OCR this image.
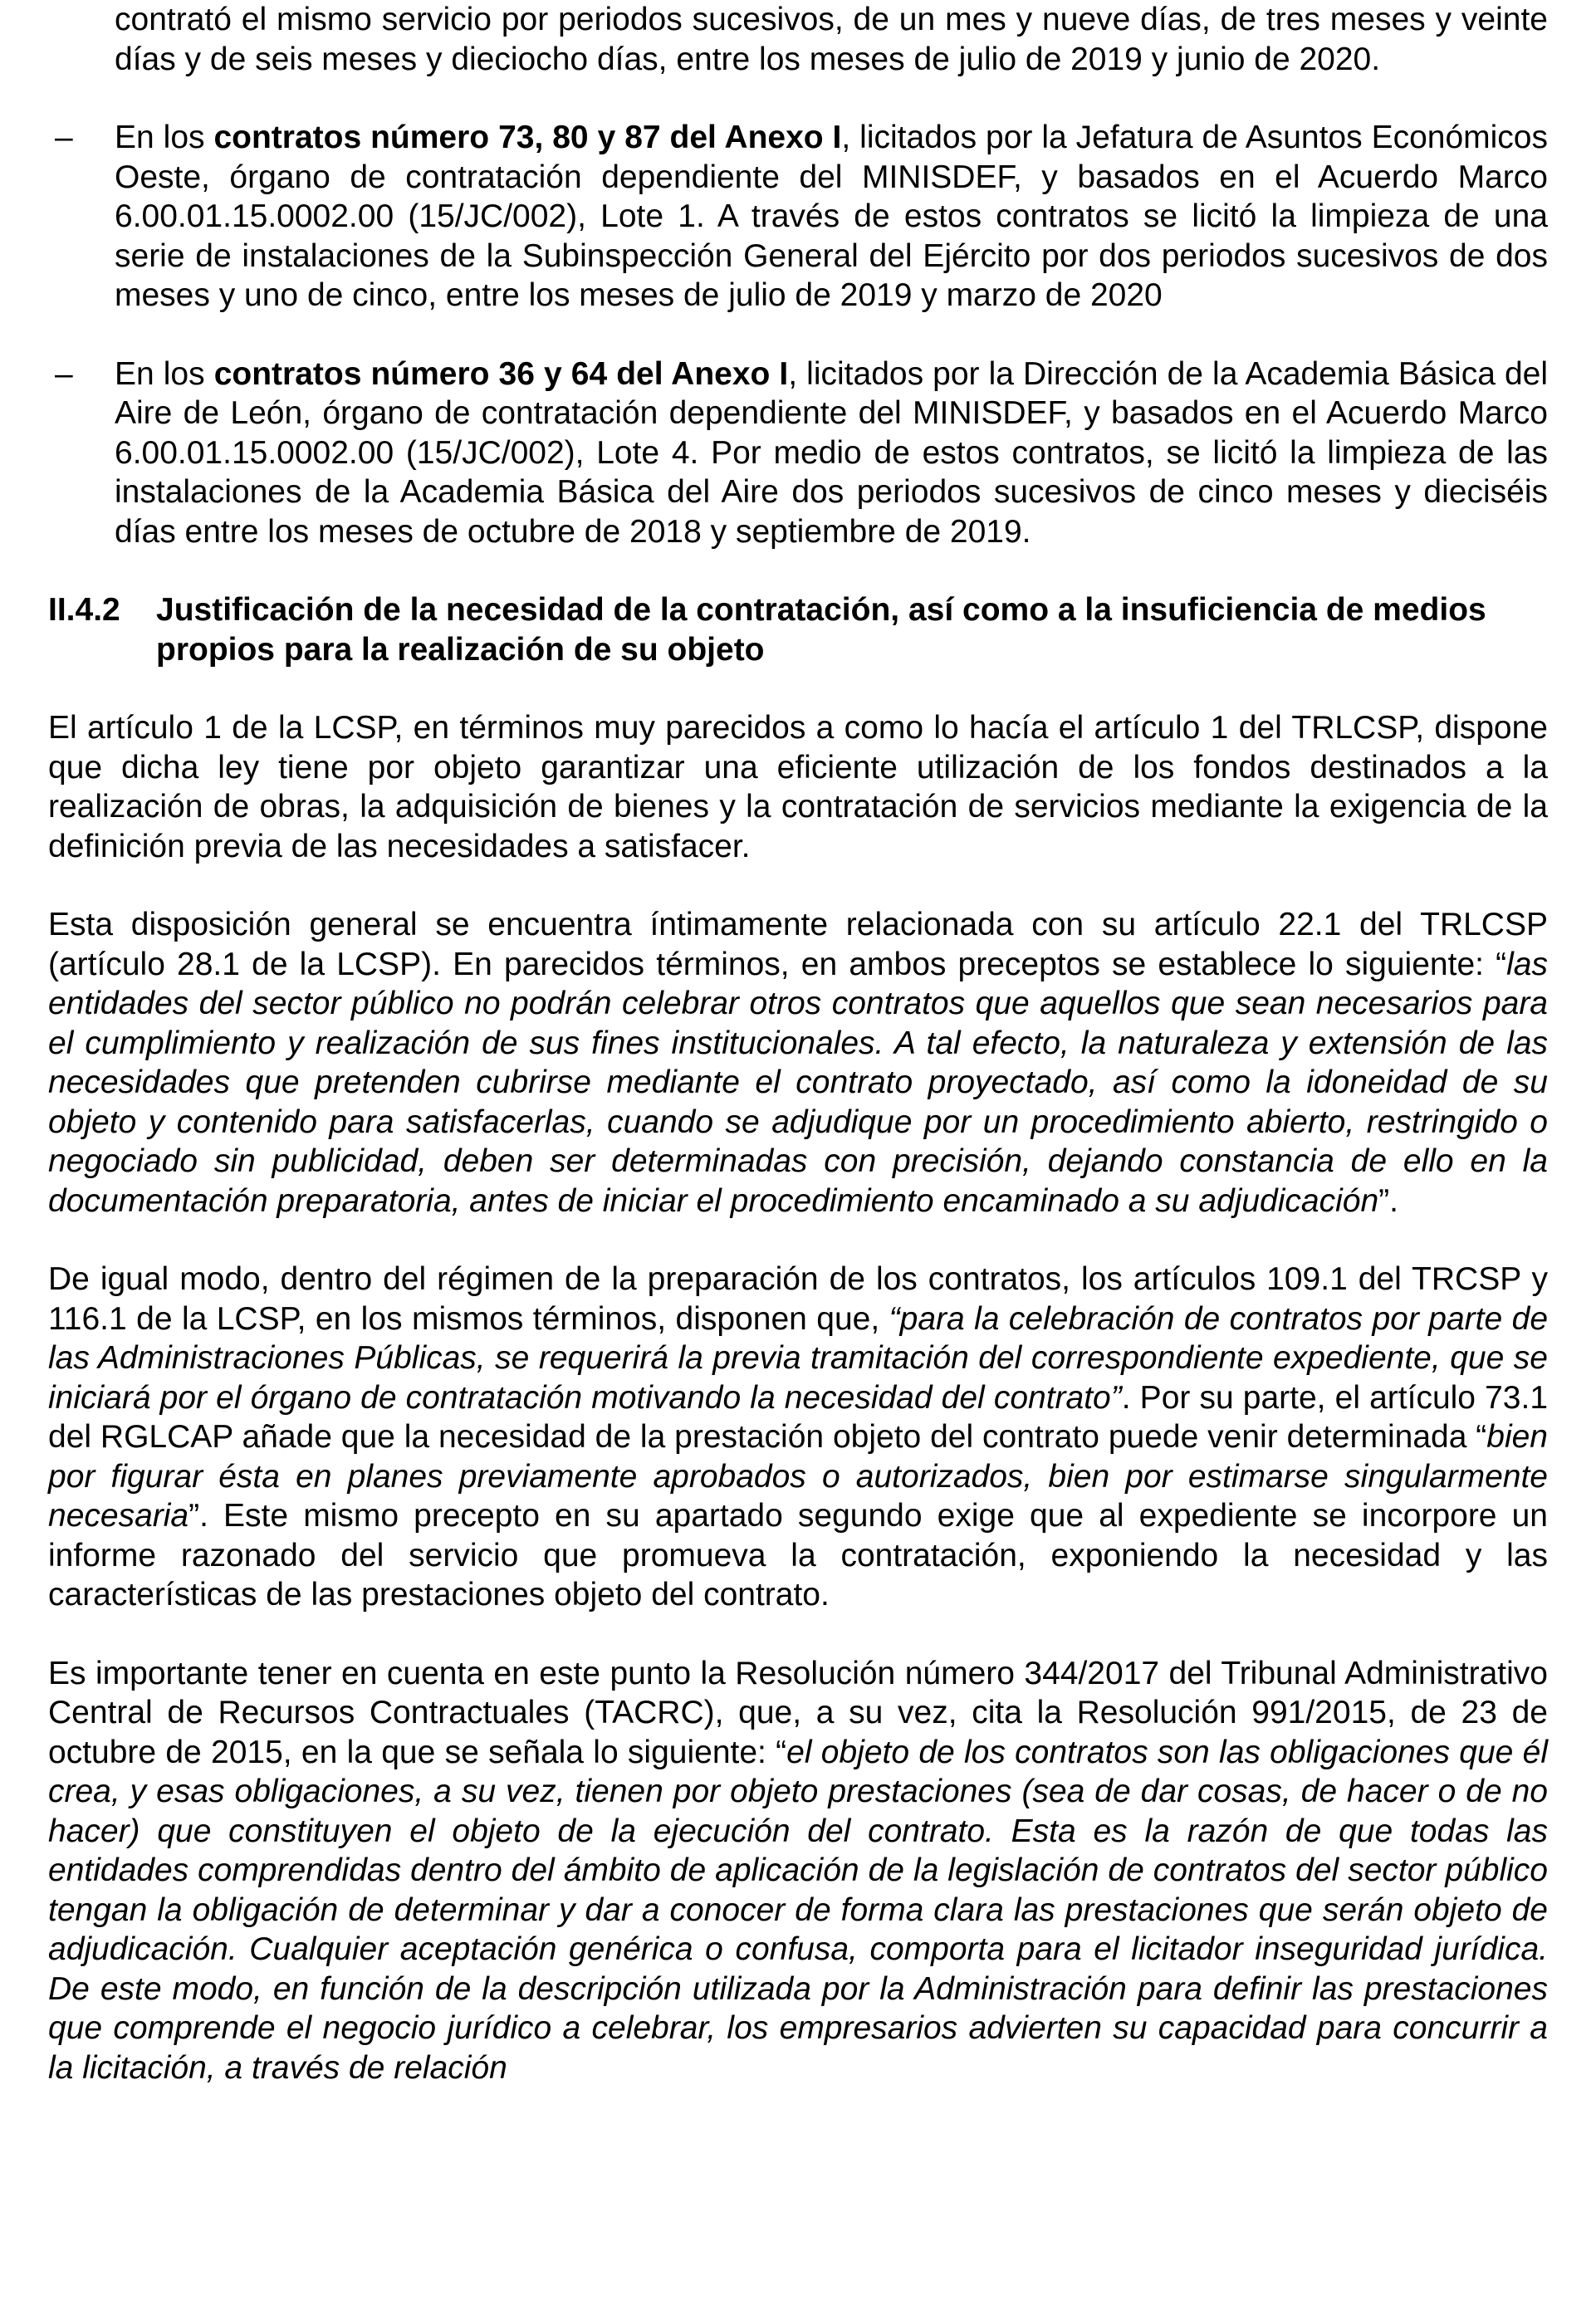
contrató el mismo servicio por periodos sucesivos, de un mes y nueve días, de tres meses y veinte días y de seis meses y dieciocho días, entre los meses de julio de 2019 y junio de 2020.

– En los contratos número 73, 80 y 87 del Anexo I, licitados por la Jefatura de Asuntos Económicos Oeste, órgano de contratación dependiente del MINISDEF, y basados en el Acuerdo Marco 6.00.01.15.0002.00 (15/JC/002), Lote 1. A través de estos contratos se licitó la limpieza de una serie de instalaciones de la Subinspección General del Ejército por dos periodos sucesivos de dos meses y uno de cinco, entre los meses de julio de 2019 y marzo de 2020

– En los contratos número 36 y 64 del Anexo I, licitados por la Dirección de la Academia Básica del Aire de León, órgano de contratación dependiente del MINISDEF, y basados en el Acuerdo Marco 6.00.01.15.0002.00 (15/JC/002), Lote 4. Por medio de estos contratos, se licitó la limpieza de las instalaciones de la Academia Básica del Aire dos periodos sucesivos de cinco meses y dieciséis días entre los meses de octubre de 2018 y septiembre de 2019.

II.4.2 Justificación de la necesidad de la contratación, así como a la insuficiencia de medios propios para la realización de su objeto

El artículo 1 de la LCSP, en términos muy parecidos a como lo hacía el artículo 1 del TRLCSP, dispone que dicha ley tiene por objeto garantizar una eficiente utilización de los fondos destinados a la realización de obras, la adquisición de bienes y la contratación de servicios mediante la exigencia de la definición previa de las necesidades a satisfacer.

Esta disposición general se encuentra íntimamente relacionada con su artículo 22.1 del TRLCSP (artículo 28.1 de la LCSP). En parecidos términos, en ambos preceptos se establece lo siguiente: “las entidades del sector público no podrán celebrar otros contratos que aquellos que sean necesarios para el cumplimiento y realización de sus fines institucionales. A tal efecto, la naturaleza y extensión de las necesidades que pretenden cubrirse mediante el contrato proyectado, así como la idoneidad de su objeto y contenido para satisfacerlas, cuando se adjudique por un procedimiento abierto, restringido o negociado sin publicidad, deben ser determinadas con precisión, dejando constancia de ello en la documentación preparatoria, antes de iniciar el procedimiento encaminado a su adjudicación”.

De igual modo, dentro del régimen de la preparación de los contratos, los artículos 109.1 del TRCSP y 116.1 de la LCSP, en los mismos términos, disponen que, “para la celebración de contratos por parte de las Administraciones Públicas, se requerirá la previa tramitación del correspondiente expediente, que se iniciará por el órgano de contratación motivando la necesidad del contrato”. Por su parte, el artículo 73.1 del RGLCAP añade que la necesidad de la prestación objeto del contrato puede venir determinada “bien por figurar ésta en planes previamente aprobados o autorizados, bien por estimarse singularmente necesaria”. Este mismo precepto en su apartado segundo exige que al expediente se incorpore un informe razonado del servicio que promueva la contratación, exponiendo la necesidad y las características de las prestaciones objeto del contrato.

Es importante tener en cuenta en este punto la Resolución número 344/2017 del Tribunal Administrativo Central de Recursos Contractuales (TACRC), que, a su vez, cita la Resolución 991/2015, de 23 de octubre de 2015, en la que se señala lo siguiente: “el objeto de los contratos son las obligaciones que él crea, y esas obligaciones, a su vez, tienen por objeto prestaciones (sea de dar cosas, de hacer o de no hacer) que constituyen el objeto de la ejecución del contrato. Esta es la razón de que todas las entidades comprendidas dentro del ámbito de aplicación de la legislación de contratos del sector público tengan la obligación de determinar y dar a conocer de forma clara las prestaciones que serán objeto de adjudicación. Cualquier aceptación genérica o confusa, comporta para el licitador inseguridad jurídica. De este modo, en función de la descripción utilizada por la Administración para definir las prestaciones que comprende el negocio jurídico a celebrar, los empresarios advierten su capacidad para concurrir a la licitación, a través de relación
